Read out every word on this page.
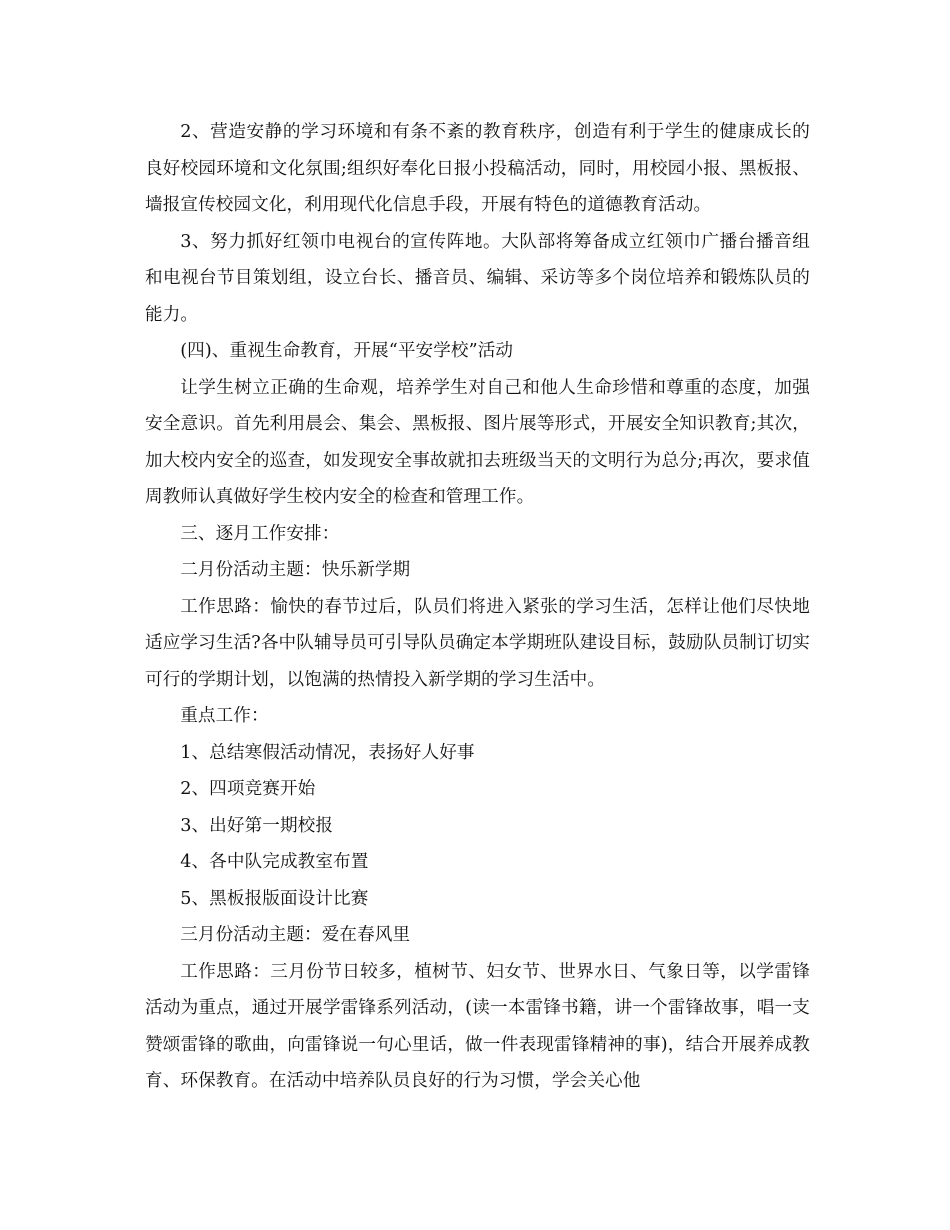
2、营造安静的学习环境和有条不紊的教育秩序，创造有利于学生的健康成长的良好校园环境和文化氛围;组织好奉化日报小投稿活动，同时，用校园小报、黑板报、墙报宣传校园文化，利用现代化信息手段，开展有特色的道德教育活动。

3、努力抓好红领巾电视台的宣传阵地。大队部将筹备成立红领巾广播台播音组和电视台节目策划组，设立台长、播音员、编辑、采访等多个岗位培养和锻炼队员的能力。

(四)、重视生命教育，开展“平安学校”活动

让学生树立正确的生命观，培养学生对自己和他人生命珍惜和尊重的态度，加强安全意识。首先利用晨会、集会、黑板报、图片展等形式，开展安全知识教育;其次，加大校内安全的巡查，如发现安全事故就扣去班级当天的文明行为总分;再次，要求值周教师认真做好学生校内安全的检查和管理工作。

三、逐月工作安排：

二月份活动主题：快乐新学期

工作思路：愉快的春节过后，队员们将进入紧张的学习生活，怎样让他们尽快地适应学习生活?各中队辅导员可引导队员确定本学期班队建设目标，鼓励队员制订切实可行的学期计划，以饱满的热情投入新学期的学习生活中。

重点工作：

1、总结寒假活动情况，表扬好人好事

2、四项竞赛开始

3、出好第一期校报

4、各中队完成教室布置

5、黑板报版面设计比赛

三月份活动主题：爱在春风里

工作思路：三月份节日较多，植树节、妇女节、世界水日、气象日等，以学雷锋活动为重点，通过开展学雷锋系列活动，(读一本雷锋书籍，讲一个雷锋故事，唱一支赞颂雷锋的歌曲，向雷锋说一句心里话，做一件表现雷锋精神的事)，结合开展养成教育、环保教育。在活动中培养队员良好的行为习惯，学会关心他
